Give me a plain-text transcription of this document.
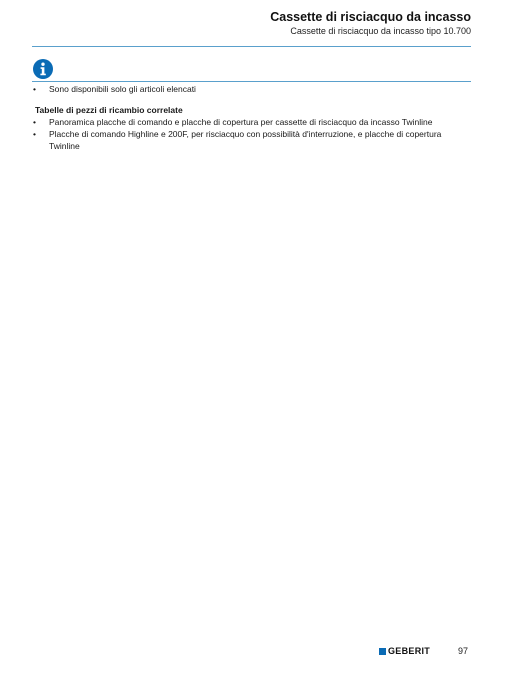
Cassette di risciacquo da incasso
Cassette di risciacquo da incasso tipo 10.700
• Sono disponibili solo gli articoli elencati
Tabelle di pezzi di ricambio correlate
• Panoramica placche di comando e placche di copertura per cassette di risciacquo da incasso Twinline
• Placche di comando Highline e 200F, per risciacquo con possibilità d'interruzione, e placche di copertura Twinline
GEBERIT	97
